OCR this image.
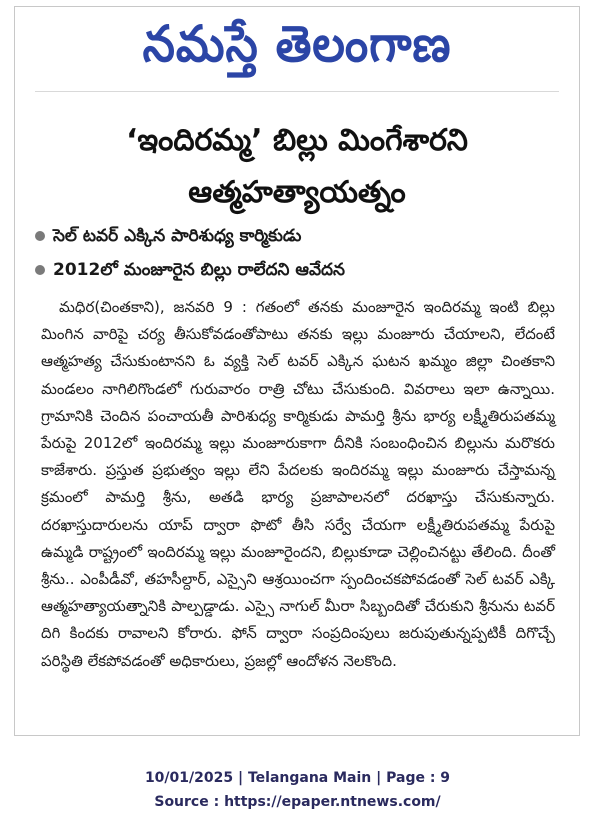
నమస్తే తెలంగాణ
‘ఇందిరమ్మ’ బిల్లు మింగేశారని
ఆత్మహత్యాయత్నం
సెల్ టవర్ ఎక్కిన పారిశుధ్య కార్మికుడు
2012లో మంజూరైన బిల్లు రాలేదని ఆవేదన

మధిర(చింతకాని), జనవరి 9 : గతంలో తనకు మంజూరైన ఇందిరమ్మ ఇంటి బిల్లు మింగిన వారిపై చర్య తీసుకోవడంతోపాటు తనకు ఇల్లు మంజూరు చేయాలని, లేదంటే ఆత్మహత్య చేసుకుంటానని ఓ వ్యక్తి సెల్ టవర్ ఎక్కిన ఘటన ఖమ్మం జిల్లా చింతకాని మండలం నాగిలిగొండలో గురువారం రాత్రి చోటు చేసుకుంది. వివరాలు ఇలా ఉన్నాయి. గ్రామానికి చెందిన పంచాయతీ పారిశుధ్య కార్మికుడు పామర్తి శ్రీను భార్య లక్ష్మీతిరుపతమ్మ పేరుపై 2012లో ఇందిరమ్మ ఇల్లు మంజూరుకాగా దీనికి సంబంధించిన బిల్లును మరొకరు కాజేశారు. ప్రస్తుత ప్రభుత్వం ఇల్లు లేని పేదలకు ఇందిరమ్మ ఇల్లు మంజూరు చేస్తామన్న క్రమంలో పామర్తి శ్రీను, అతడి భార్య ప్రజాపాలనలో దరఖాస్తు చేసుకున్నారు. దరఖాస్తుదారులను యాప్ ద్వారా ఫొటో తీసి సర్వే చేయగా లక్ష్మీతిరుపతమ్మ పేరుపై ఉమ్మడి రాష్ట్రంలో ఇందిరమ్మ ఇల్లు మంజూరైందని, బిల్లుకూడా చెల్లించినట్టు తేలింది. దీంతో శ్రీను.. ఎంపీడీవో, తహసీల్దార్, ఎస్సైని ఆశ్రయించగా స్పందించకపోవడంతో సెల్ టవర్ ఎక్కి ఆత్మహత్యాయత్నానికి పాల్పడ్డాడు. ఎస్సై నాగుల్ మీరా సిబ్బందితో చేరుకుని శ్రీనును టవర్ దిగి కిందకు రావాలని కోరారు. ఫోన్ ద్వారా సంప్రదింపులు జరుపుతున్నప్పటికీ దిగొచ్చే పరిస్థితి లేకపోవడంతో అధికారులు, ప్రజల్లో ఆందోళన నెలకొంది.

10/01/2025 | Telangana Main | Page : 9
Source : https://epaper.ntnews.com/
